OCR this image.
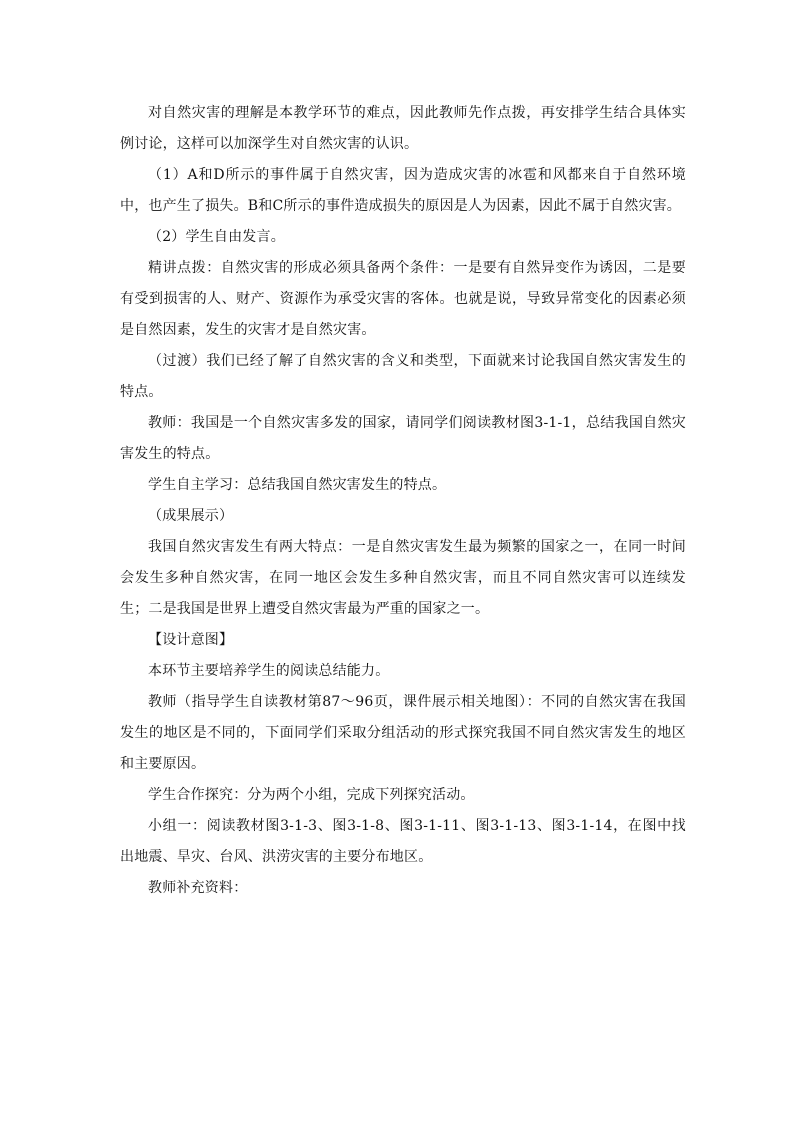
对自然灾害的理解是本教学环节的难点，因此教师先作点拨，再安排学生结合具体实例讨论，这样可以加深学生对自然灾害的认识。

（1）A和D所示的事件属于自然灾害，因为造成灾害的冰雹和风都来自于自然环境中，也产生了损失。B和C所示的事件造成损失的原因是人为因素，因此不属于自然灾害。

（2）学生自由发言。

精讲点拨：自然灾害的形成必须具备两个条件：一是要有自然异变作为诱因，二是要有受到损害的人、财产、资源作为承受灾害的客体。也就是说，导致异常变化的因素必须是自然因素，发生的灾害才是自然灾害。

（过渡）我们已经了解了自然灾害的含义和类型，下面就来讨论我国自然灾害发生的特点。

教师：我国是一个自然灾害多发的国家，请同学们阅读教材图3-1-1，总结我国自然灾害发生的特点。

学生自主学习：总结我国自然灾害发生的特点。

（成果展示）

我国自然灾害发生有两大特点：一是自然灾害发生最为频繁的国家之一，在同一时间会发生多种自然灾害，在同一地区会发生多种自然灾害，而且不同自然灾害可以连续发生；二是我国是世界上遭受自然灾害最为严重的国家之一。

【设计意图】

本环节主要培养学生的阅读总结能力。

教师（指导学生自读教材第87～96页，课件展示相关地图）：不同的自然灾害在我国发生的地区是不同的，下面同学们采取分组活动的形式探究我国不同自然灾害发生的地区和主要原因。

学生合作探究：分为两个小组，完成下列探究活动。

小组一：阅读教材图3-1-3、图3-1-8、图3-1-11、图3-1-13、图3-1-14，在图中找出地震、旱灾、台风、洪涝灾害的主要分布地区。

教师补充资料：
